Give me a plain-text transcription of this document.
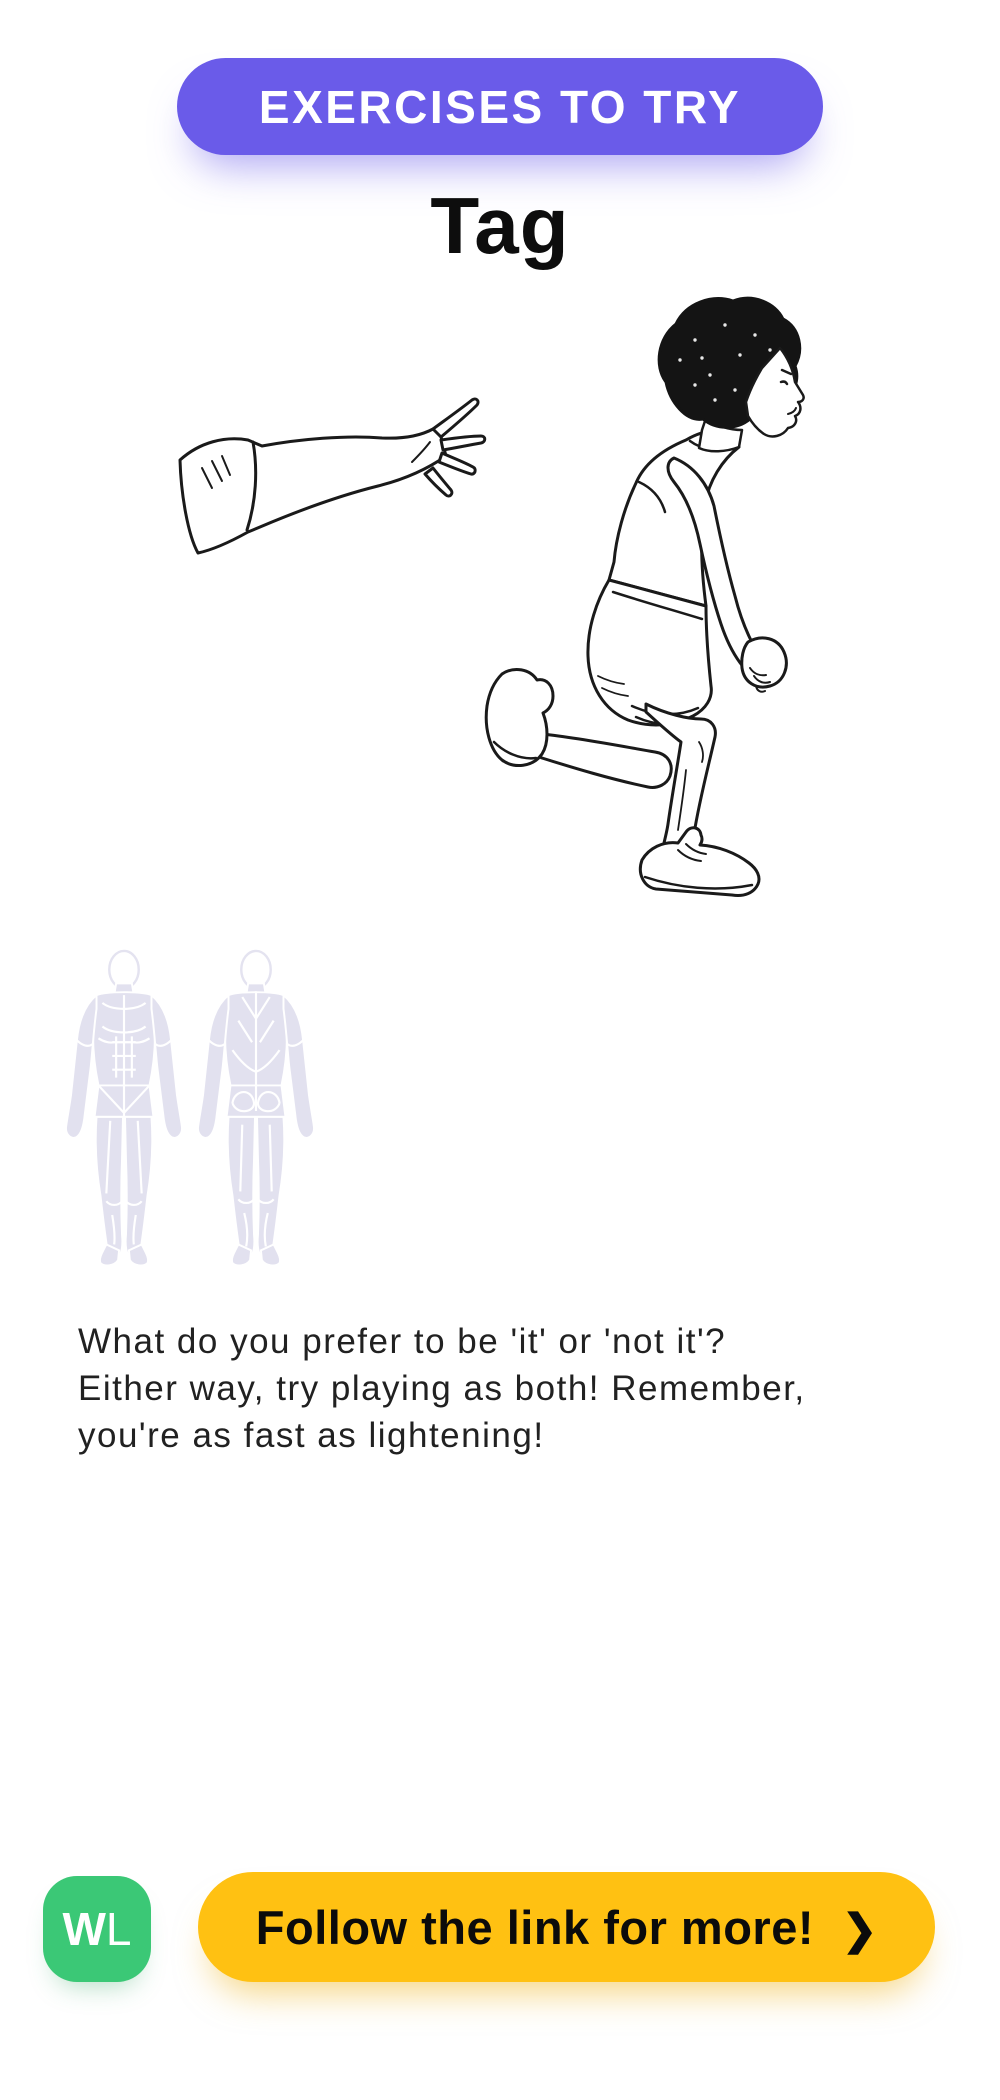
EXERCISES TO TRY
Tag

What do you prefer to be 'it' or 'not it'?
Either way, try playing as both! Remember,
you're as fast as lightening!

W L	Follow the link for more! ❯
